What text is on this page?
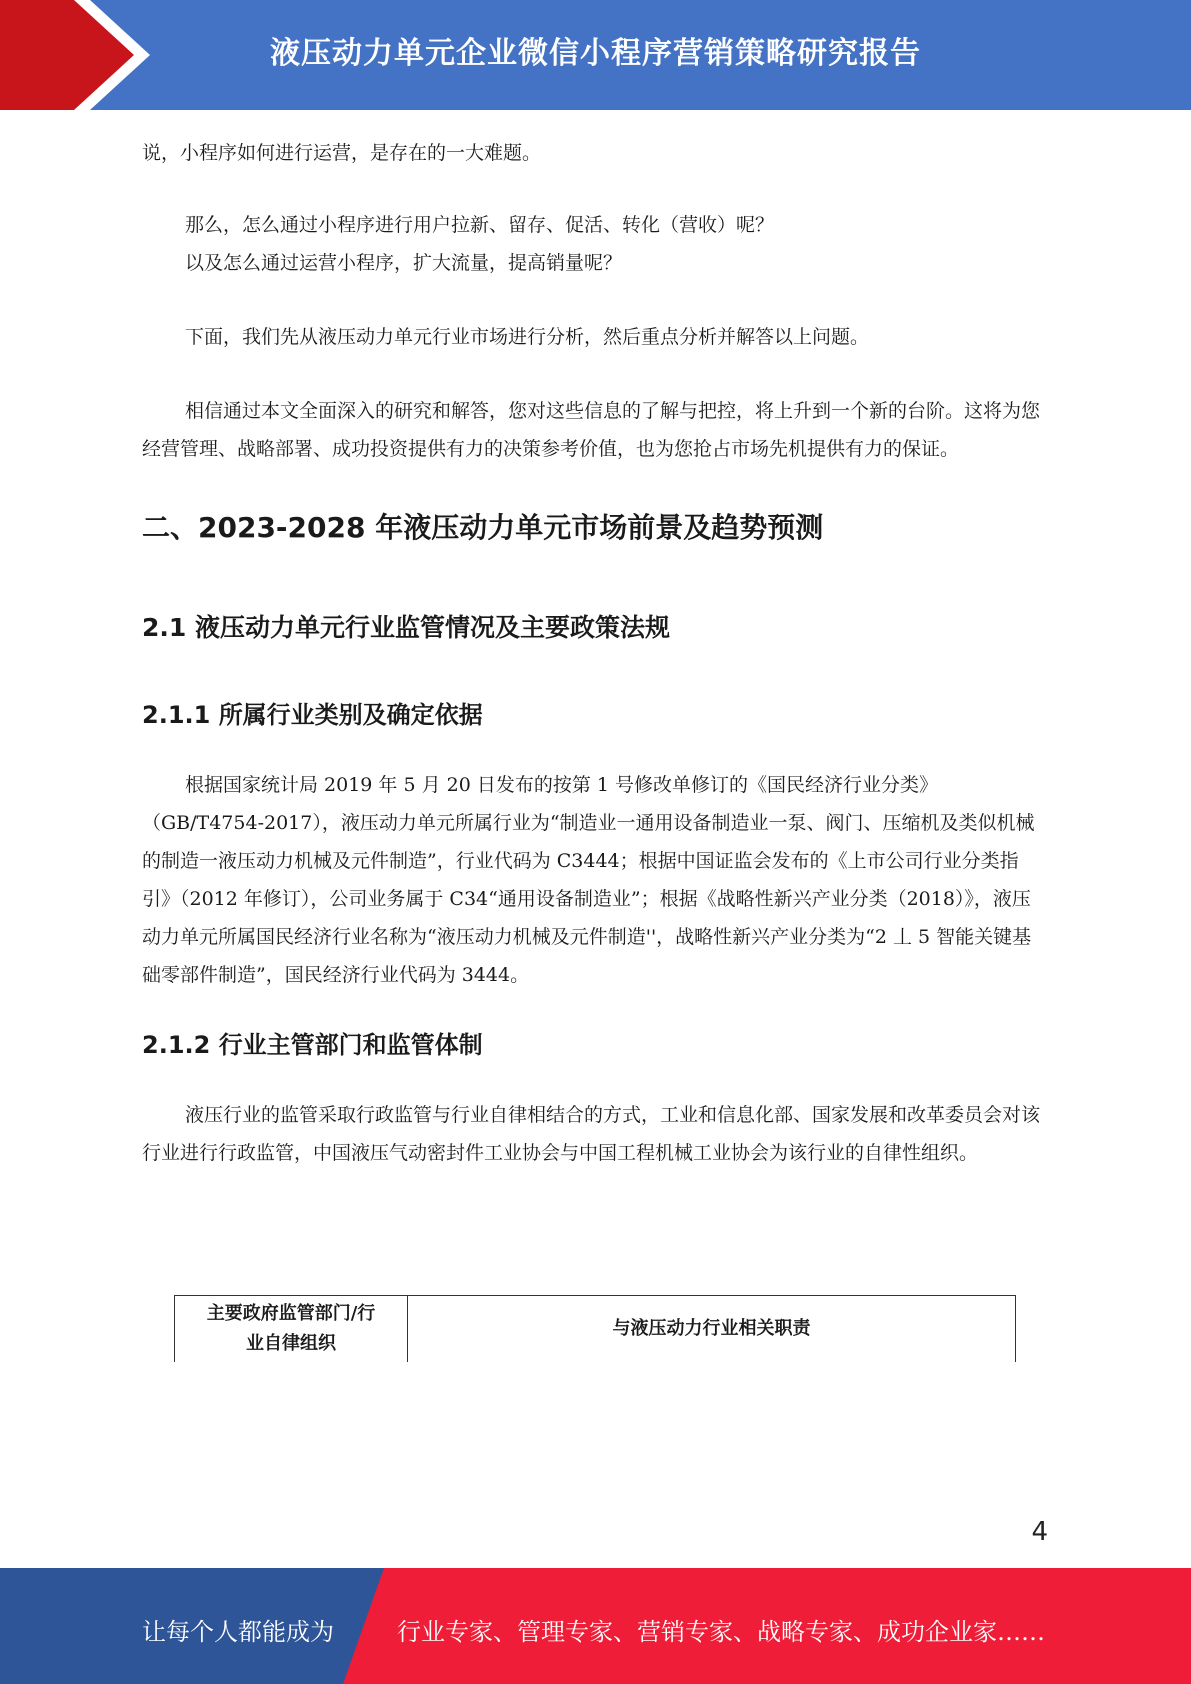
液压动力单元企业微信小程序营销策略研究报告

说，小程序如何进行运营，是存在的一大难题。

那么，怎么通过小程序进行用户拉新、留存、促活、转化（营收）呢？

以及怎么通过运营小程序，扩大流量，提高销量呢？

下面，我们先从液压动力单元行业市场进行分析，然后重点分析并解答以上问题。

相信通过本文全面深入的研究和解答，您对这些信息的了解与把控，将上升到一个新的台阶。这将为您经营管理、战略部署、成功投资提供有力的决策参考价值，也为您抢占市场先机提供有力的保证。

二、2023-2028 年液压动力单元市场前景及趋势预测
2.1 液压动力单元行业监管情况及主要政策法规
2.1.1 所属行业类别及确定依据

根据国家统计局 2019 年 5 月 20 日发布的按第 1 号修改单修订的《国民经济行业分类》（GB/T4754-2017），液压动力单元所属行业为“制造业一通用设备制造业一泵、阀门、压缩机及类似机械的制造一液压动力机械及元件制造”，行业代码为 C3444；根据中国证监会发布的《上市公司行业分类指引》（2012 年修订），公司业务属于 C34“通用设备制造业”；根据《战略性新兴产业分类（2018）》，液压动力单元所属国民经济行业名称为“液压动力机械及元件制造''，战略性新兴产业分类为“2 丄 5 智能关键基础零部件制造”，国民经济行业代码为 3444。

2.1.2 行业主管部门和监管体制

液压行业的监管采取行政监管与行业自律相结合的方式，工业和信息化部、国家发展和改革委员会对该行业进行行政监管，中国液压气动密封件工业协会与中国工程机械工业协会为该行业的自律性组织。

主要政府监管部门/行
业自律组织	与液压动力行业相关职责
4
让每个人都能成为	行业专家、管理专家、营销专家、战略专家、成功企业家……
